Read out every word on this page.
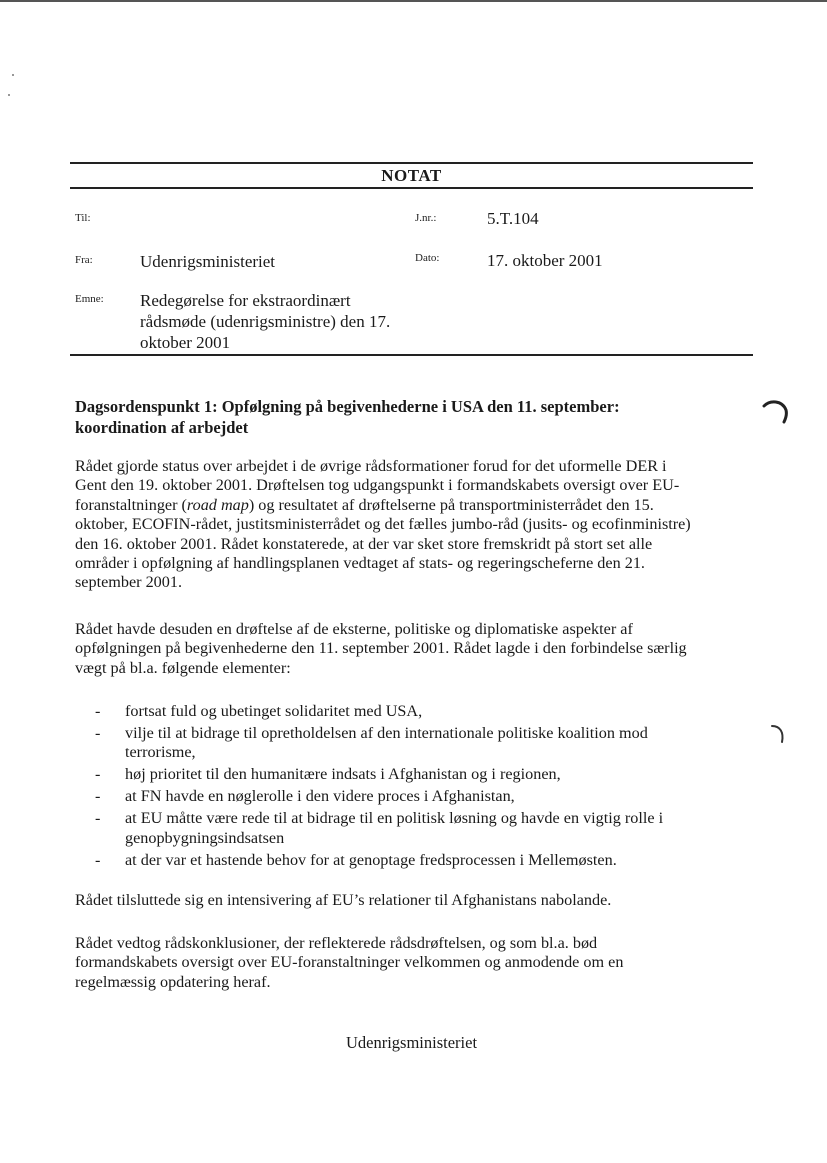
NOTAT
Til:	J.nr.:	5.T.104
Fra:	Udenrigsministeriet	Dato:	17. oktober 2001
Emne: Redegørelse for ekstraordinært
rådsmøde (udenrigsministre) den 17.
oktober 2001
Dagsordenspunkt 1: Opfølgning på begivenhederne i USA den 11. september:
koordination af arbejdet
Rådet gjorde status over arbejdet i de øvrige rådsformationer forud for det uformelle DER i
Gent den 19. oktober 2001. Drøftelsen tog udgangspunkt i formandskabets oversigt over EU-
foranstaltninger (road map) og resultatet af drøftelserne på transportministerrådet den 15.
oktober, ECOFIN-rådet, justitsministerrådet og det fælles jumbo-råd (jusits- og ecofinministre)
den 16. oktober 2001. Rådet konstaterede, at der var sket store fremskridt på stort set alle
områder i opfølgning af handlingsplanen vedtaget af stats- og regeringscheferne den 21.
september 2001.
Rådet havde desuden en drøftelse af de eksterne, politiske og diplomatiske aspekter af
opfølgningen på begivenhederne den 11. september 2001. Rådet lagde i den forbindelse særlig
vægt på bl.a. følgende elementer:
- fortsat fuld og ubetinget solidaritet med USA,
- vilje til at bidrage til opretholdelsen af den internationale politiske koalition mod
terrorisme,
- høj prioritet til den humanitære indsats i Afghanistan og i regionen,
- at FN havde en nøglerolle i den videre proces i Afghanistan,
- at EU måtte være rede til at bidrage til en politisk løsning og havde en vigtig rolle i
genopbygningsindsatsen
- at der var et hastende behov for at genoptage fredsprocessen i Mellemøsten.
Rådet tilsluttede sig en intensivering af EU’s relationer til Afghanistans nabolande.
Rådet vedtog rådskonklusioner, der reflekterede rådsdrøftelsen, og som bl.a. bød
formandskabets oversigt over EU-foranstaltninger velkommen og anmodende om en
regelmæssig opdatering heraf.
Udenrigsministeriet
